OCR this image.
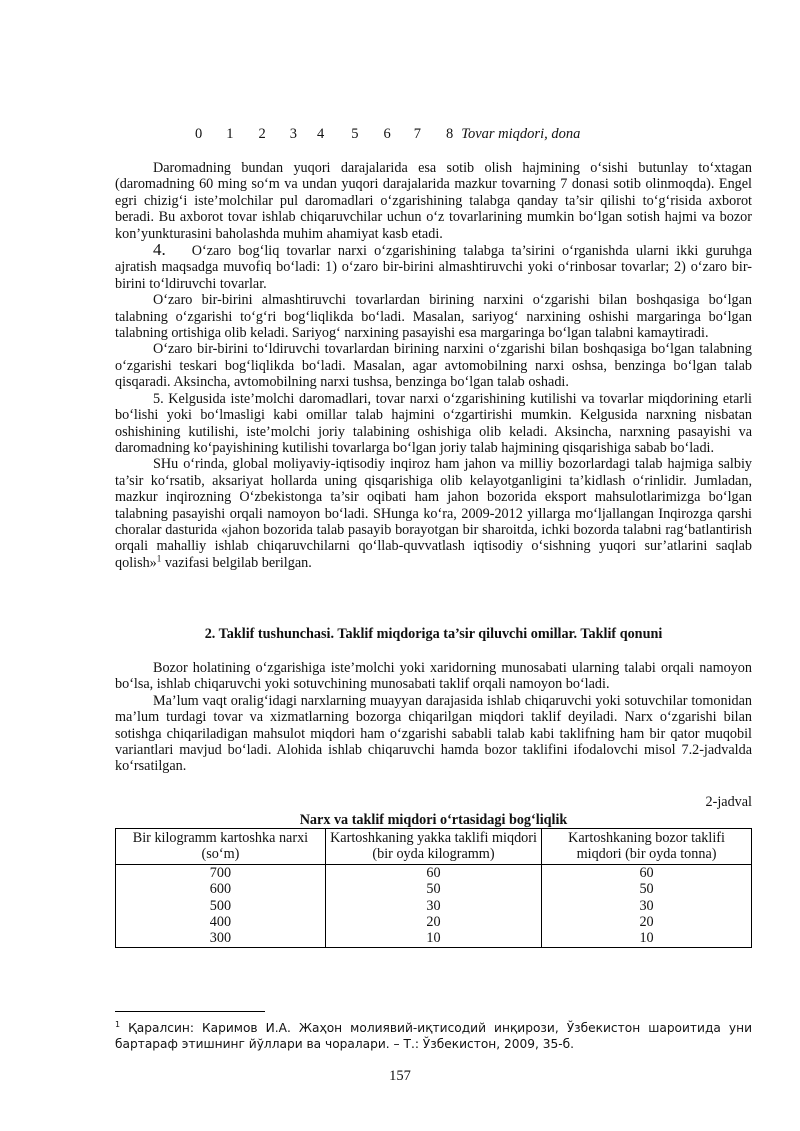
0 1 2 3 4 5 6 7 8 Tovar miqdori, dona

Daromadning bundan yuqori darajalarida esa sotib olish hajmining o‘sishi butunlay to‘xtagan (daromadning 60 ming so‘m va undan yuqori darajalarida mazkur tovarning 7 donasi sotib olinmoqda). Engel egri chizig‘i iste’molchilar pul daromadlari o‘zgarishining talabga qanday ta’sir qilishi to‘g‘risida axborot beradi. Bu axborot tovar ishlab chiqaruvchilar uchun o‘z tovarlarining mumkin bo‘lgan sotish hajmi va bozor kon’yunkturasini baholashda muhim ahamiyat kasb etadi.

4. O‘zaro bog‘liq tovarlar narxi o‘zgarishining talabga ta’sirini o‘rganishda ularni ikki guruhga ajratish maqsadga muvofiq bo‘ladi: 1) o‘zaro bir-birini almashtiruvchi yoki o‘rinbosar tovarlar; 2) o‘zaro bir-birini to‘ldiruvchi tovarlar.

O‘zaro bir-birini almashtiruvchi tovarlardan birining narxini o‘zgarishi bilan boshqasiga bo‘lgan talabning o‘zgarishi to‘g‘ri bog‘liqlikda bo‘ladi. Masalan, sariyog‘ narxining oshishi margaringa bo‘lgan talabning ortishiga olib keladi. Sariyog‘ narxining pasayishi esa margaringa bo‘lgan talabni kamaytiradi.

O‘zaro bir-birini to‘ldiruvchi tovarlardan birining narxini o‘zgarishi bilan boshqasiga bo‘lgan talabning o‘zgarishi teskari bog‘liqlikda bo‘ladi. Masalan, agar avtomobilning narxi oshsa, benzinga bo‘lgan talab qisqaradi. Aksincha, avtomobilning narxi tushsa, benzinga bo‘lgan talab oshadi.

5. Kelgusida iste’molchi daromadlari, tovar narxi o‘zgarishining kutilishi va tovarlar miqdorining etarli bo‘lishi yoki bo‘lmasligi kabi omillar talab hajmini o‘zgartirishi mumkin. Kelgusida narxning nisbatan oshishining kutilishi, iste’molchi joriy talabining oshishiga olib keladi. Aksincha, narxning pasayishi va daromadning ko‘payishining kutilishi tovarlarga bo‘lgan joriy talab hajmining qisqarishiga sabab bo‘ladi.

SHu o‘rinda, global moliyaviy-iqtisodiy inqiroz ham jahon va milliy bozorlardagi talab hajmiga salbiy ta’sir ko‘rsatib, aksariyat hollarda uning qisqarishiga olib kelayotganligini ta’kidlash o‘rinlidir. Jumladan, mazkur inqirozning O‘zbekistonga ta’sir oqibati ham jahon bozorida eksport mahsulotlarimizga bo‘lgan talabning pasayishi orqali namoyon bo‘ladi. SHunga ko‘ra, 2009-2012 yillarga mo‘ljallangan Inqirozga qarshi choralar dasturida «jahon bozorida talab pasayib borayotgan bir sharoitda, ichki bozorda talabni rag‘batlantirish orqali mahalliy ishlab chiqaruvchilarni qo‘llab-quvvatlash iqtisodiy o‘sishning yuqori sur’atlarini saqlab qolish»$^1$ vazifasi belgilab berilgan.

2. Taklif tushunchasi. Taklif miqdoriga ta’sir qiluvchi omillar. Taklif qonuni

Bozor holatining o‘zgarishiga iste’molchi yoki xaridorning munosabati ularning talabi orqali namoyon bo‘lsa, ishlab chiqaruvchi yoki sotuvchining munosabati taklif orqali namoyon bo‘ladi.

Ma’lum vaqt oralig‘idagi narxlarning muayyan darajasida ishlab chiqaruvchi yoki sotuvchilar tomonidan ma’lum turdagi tovar va xizmatlarning bozorga chiqarilgan miqdori taklif deyiladi. Narx o‘zgarishi bilan sotishga chiqariladigan mahsulot miqdori ham o‘zgarishi sababli talab kabi taklifning ham bir qator muqobil variantlari mavjud bo‘ladi. Alohida ishlab chiqaruvchi hamda bozor taklifini ifodalovchi misol 7.2-jadvalda ko‘rsatilgan.

2-jadval
Narx va taklif miqdori o‘rtasidagi bog‘liqlik
Bir kilogramm kartoshka narxi (so‘m)	Kartoshkaning yakka taklifi miqdori (bir oyda kilogramm)	Kartoshkaning bozor taklifi miqdori (bir oyda tonna)
700	60	60
600	50	50
500	30	30
400	20	20
300	10	10
$^1$ Қаралсин: Каримов И.А. Жаҳон молиявий-иқтисодий инқирози, Ўзбекистон шароитида уни бартараф этишнинг йўллари ва чоралари. – Т.: Ўзбекистон, 2009, 35-б.
157
